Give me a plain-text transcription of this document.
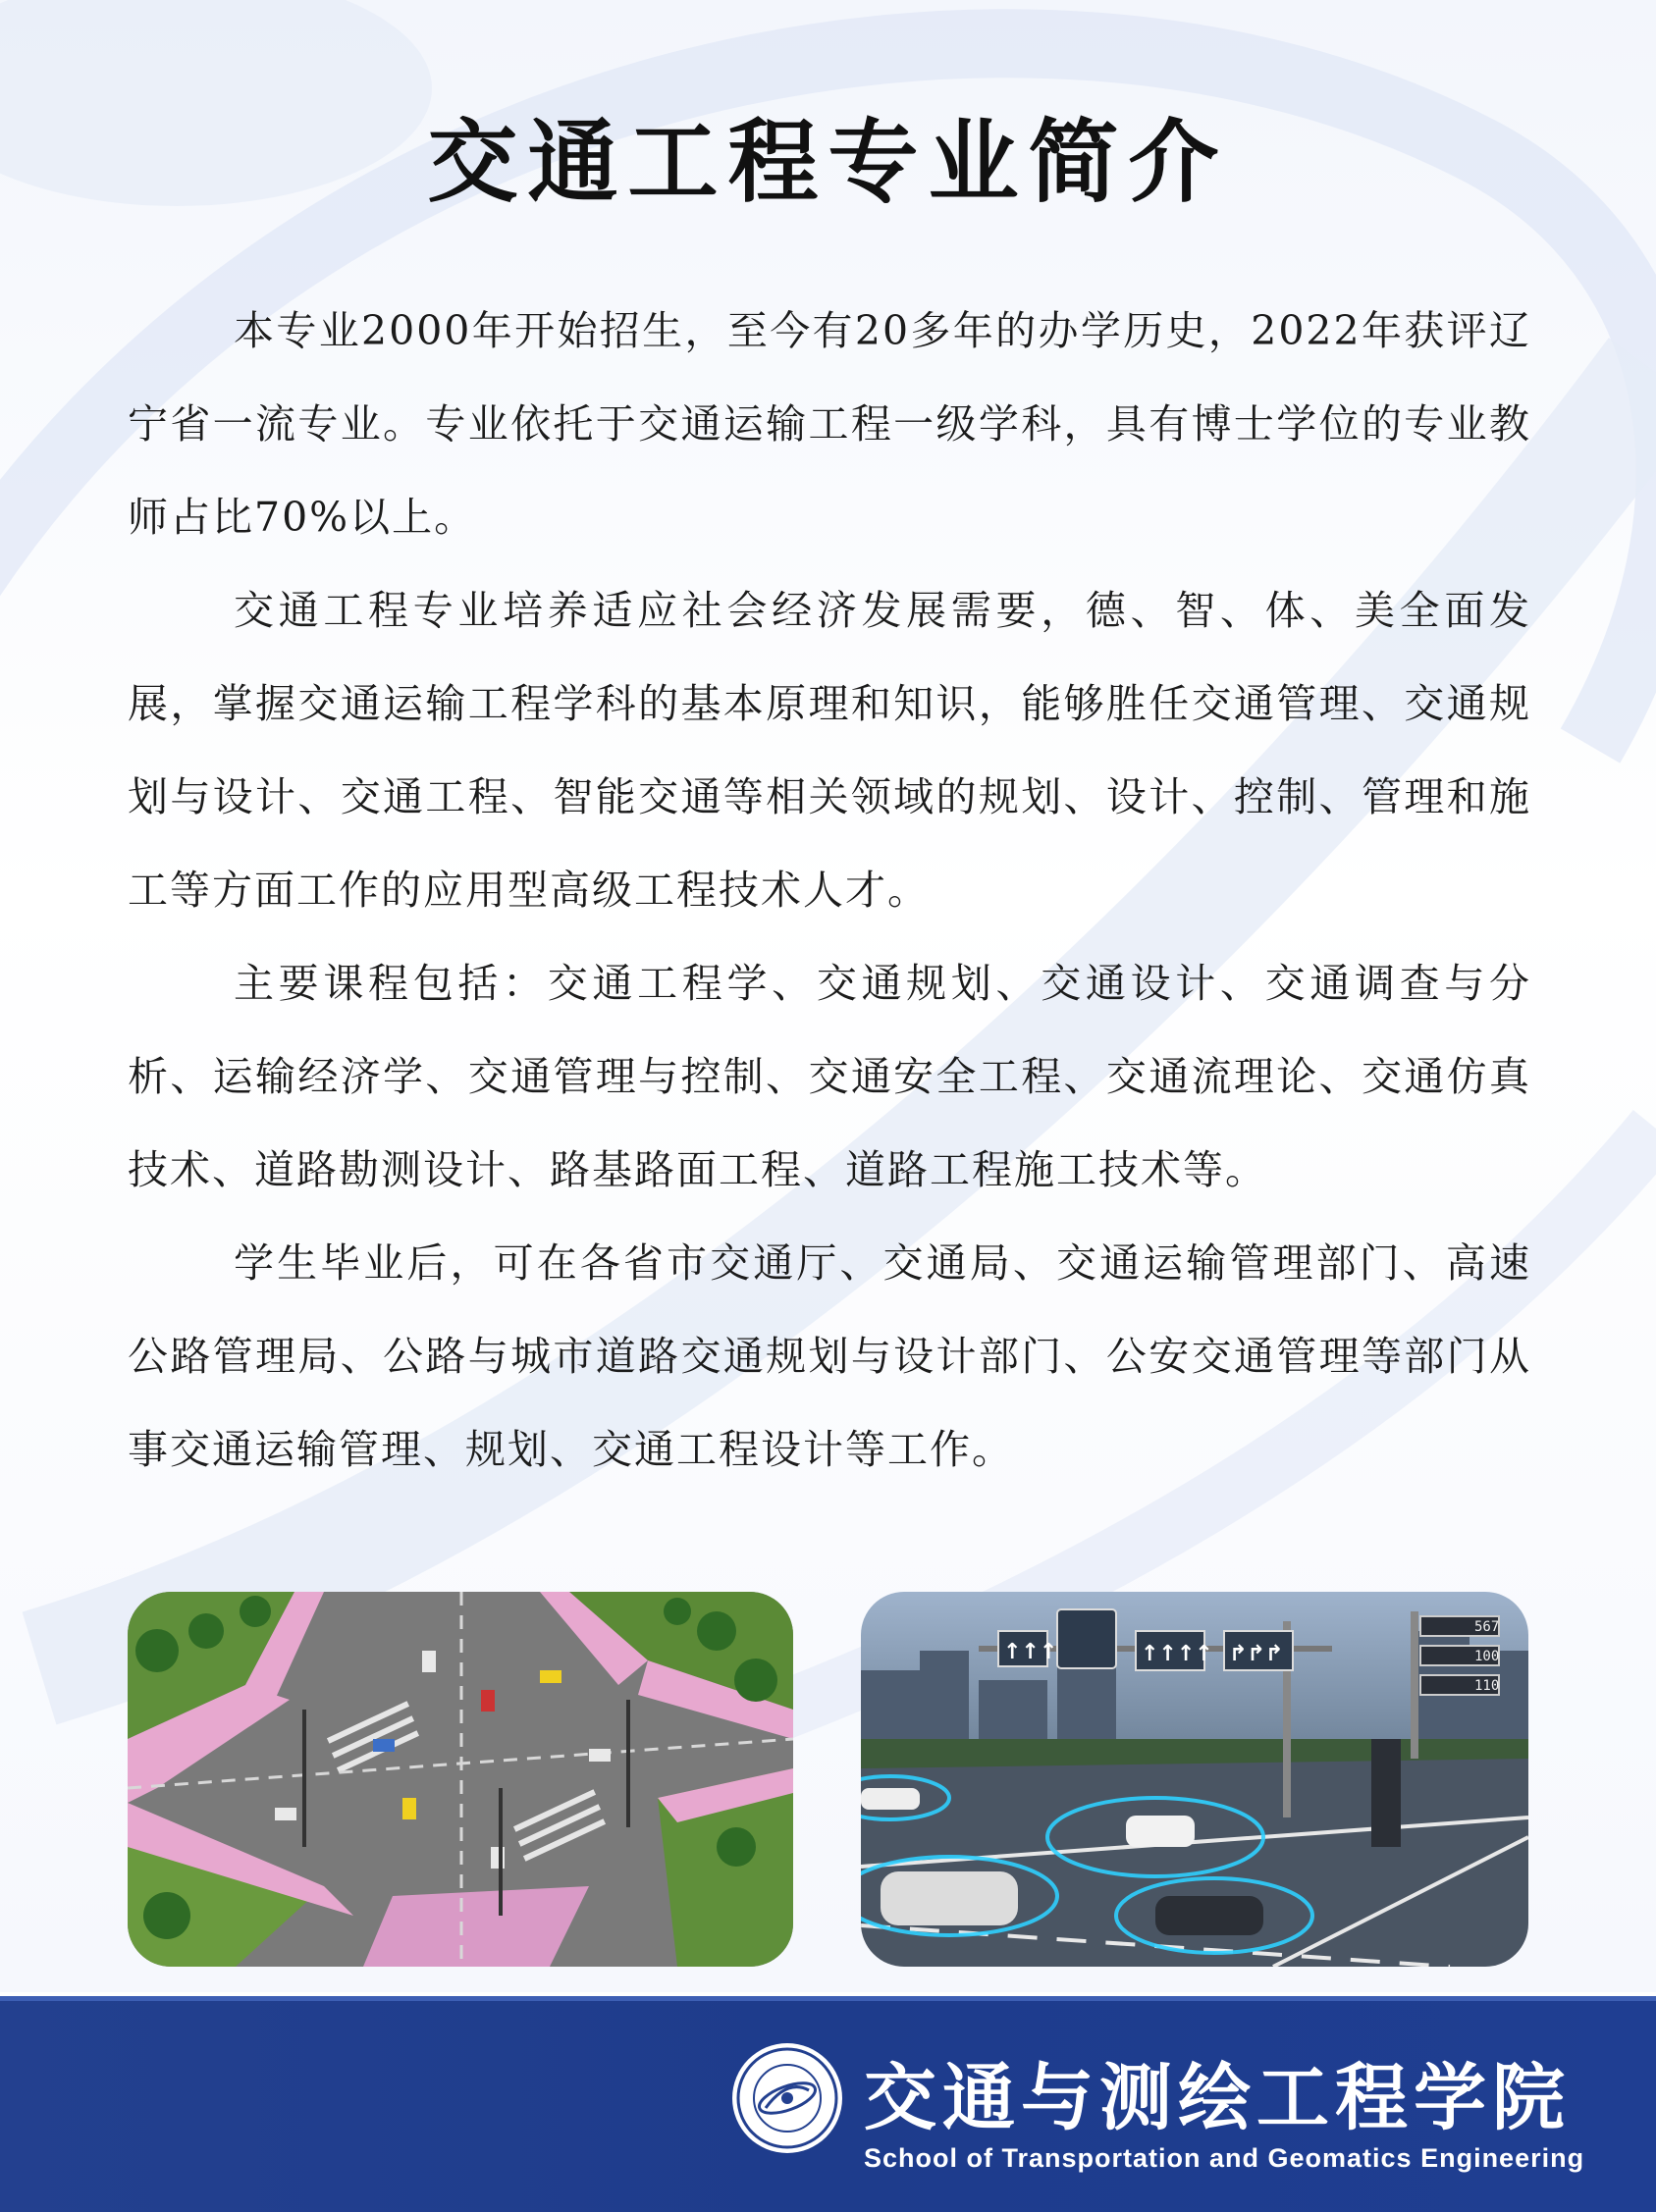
交通工程专业简介

本专业2000年开始招生，至今有20多年的办学历史，2022年获评辽宁省一流专业。专业依托于交通运输工程一级学科，具有博士学位的专业教师占比70%以上。

交通工程专业培养适应社会经济发展需要，德、智、体、美全面发展，掌握交通运输工程学科的基本原理和知识，能够胜任交通管理、交通规划与设计、交通工程、智能交通等相关领域的规划、设计、控制、管理和施工等方面工作的应用型高级工程技术人才。

主要课程包括：交通工程学、交通规划、交通设计、交通调查与分析、运输经济学、交通管理与控制、交通安全工程、交通流理论、交通仿真技术、道路勘测设计、路基路面工程、道路工程施工技术等。

学生毕业后，可在各省市交通厅、交通局、交通运输管理部门、高速公路管理局、公路与城市道路交通规划与设计部门、公安交通管理等部门从事交通运输管理、规划、交通工程设计等工作。

↑↑↑↑ ↱↱↱
↑↑↑
567
100
110
交通与测绘工程学院
School of Transportation and Geomatics Engineering
